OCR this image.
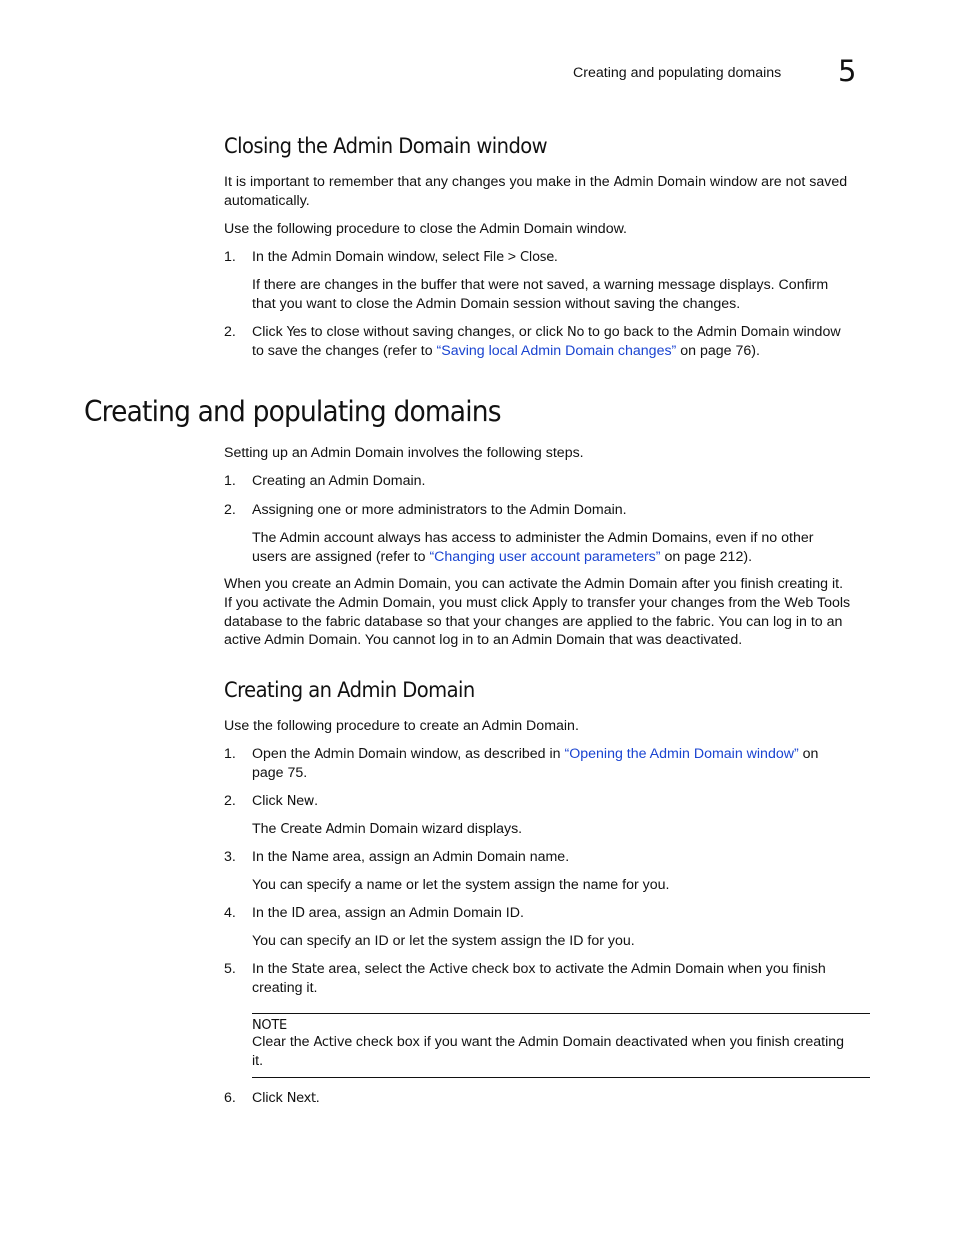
Creating and populating domains 5
Closing the Admin Domain window

It is important to remember that any changes you make in the Admin Domain window are not saved

automatically.

Use the following procedure to close the Admin Domain window.

1. In the Admin Domain window, select File > Close.

If there are changes in the buffer that were not saved, a warning message displays. Confirm

that you want to close the Admin Domain session without saving the changes.

2. Click Yes to close without saving changes, or click No to go back to the Admin Domain window

to save the changes (refer to “Saving local Admin Domain changes” on page 76).

Creating and populating domains

Setting up an Admin Domain involves the following steps.

1. Creating an Admin Domain.

2. Assigning one or more administrators to the Admin Domain.

The Admin account always has access to administer the Admin Domains, even if no other

users are assigned (refer to “Changing user account parameters” on page 212).

When you create an Admin Domain, you can activate the Admin Domain after you finish creating it.

If you activate the Admin Domain, you must click Apply to transfer your changes from the Web Tools

database to the fabric database so that your changes are applied to the fabric. You can log in to an

active Admin Domain. You cannot log in to an Admin Domain that was deactivated.

Creating an Admin Domain

Use the following procedure to create an Admin Domain.

1. Open the Admin Domain window, as described in “Opening the Admin Domain window” on

page 75.

2. Click New.

The Create Admin Domain wizard displays.

3. In the Name area, assign an Admin Domain name.

You can specify a name or let the system assign the name for you.

4. In the ID area, assign an Admin Domain ID.

You can specify an ID or let the system assign the ID for you.

5. In the State area, select the Active check box to activate the Admin Domain when you finish

creating it.

NOTE

Clear the Active check box if you want the Admin Domain deactivated when you finish creating

it.

6. Click Next.
